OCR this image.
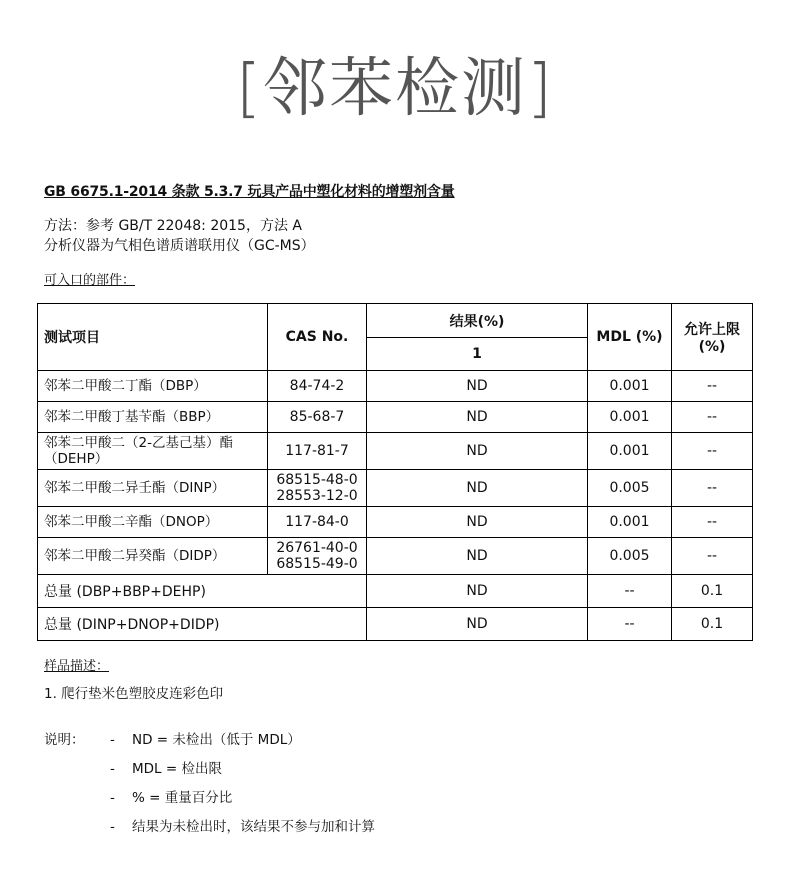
[邻苯检测]
GB 6675.1-2014 条款 5.3.7 玩具产品中塑化材料的增塑剂含量
方法：参考 GB/T 22048: 2015，方法 A
分析仪器为气相色谱质谱联用仪（GC-MS）
可入口的部件：
测试项目	CAS No.	结果(%)	MDL (%)	允许上限 (%)
		1		
邻苯二甲酸二丁酯（DBP）	84-74-2	ND	0.001	--
邻苯二甲酸丁基苄酯（BBP）	85-68-7	ND	0.001	--
邻苯二甲酸二（2-乙基己基）酯（DEHP）	117-81-7	ND	0.001	--
邻苯二甲酸二异壬酯（DINP）	68515-48-0
28553-12-0	ND	0.005	--
邻苯二甲酸二辛酯（DNOP）	117-84-0	ND	0.001	--
邻苯二甲酸二异癸酯（DIDP）	26761-40-0
68515-49-0	ND	0.005	--
总量 (DBP+BBP+DEHP)		ND	--	0.1
总量 (DINP+DNOP+DIDP)		ND	--	0.1
样品描述：
1. 爬行垫米色塑胶皮连彩色印
说明： - ND = 未检出（低于 MDL）
- MDL = 检出限
- % = 重量百分比
- 结果为未检出时，该结果不参与加和计算
